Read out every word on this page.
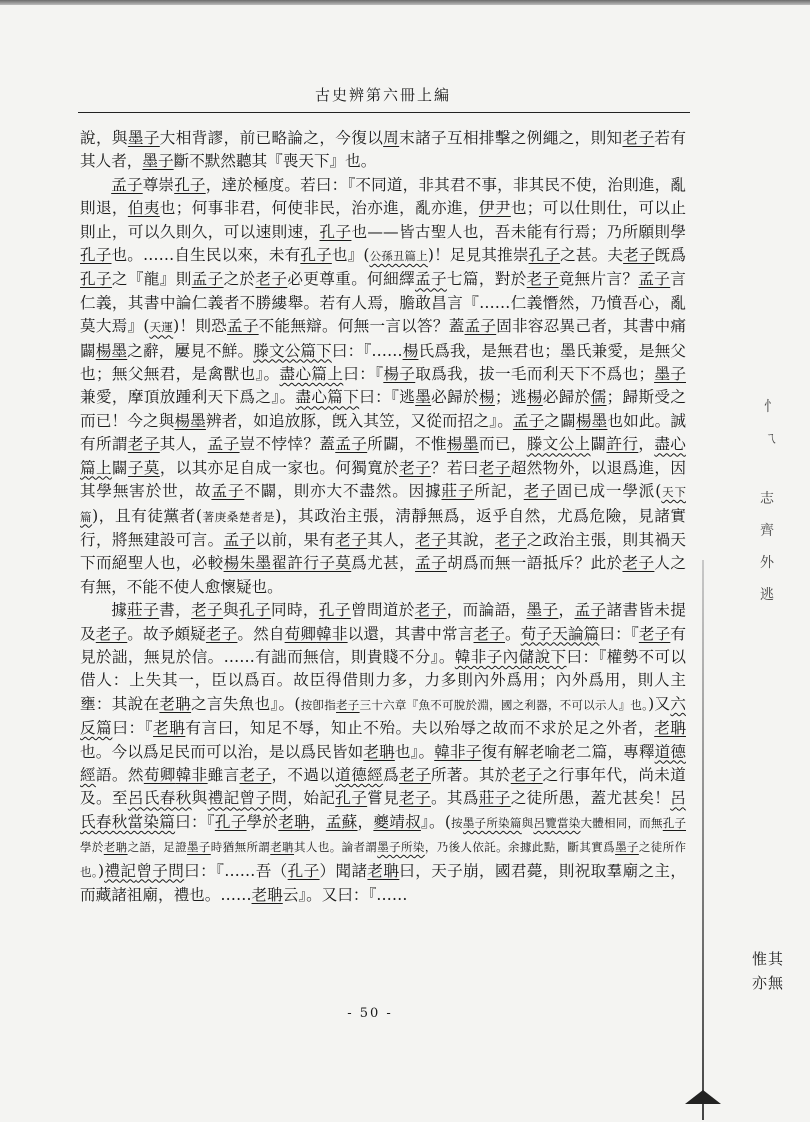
古史辨第六冊上編

說，與墨子大相背謬，前已略論之，今復以周末諸子互相排擊之例繩之，則知老子若有其人者，墨子斷不默然聽其『喪天下』也。

孟子尊崇孔子，達於極度。若曰：『不同道，非其君不事，非其民不使，治則進，亂則退，伯夷也；何事非君，何使非民，治亦進，亂亦進，伊尹也；可以仕則仕，可以止則止，可以久則久，可以速則速，孔子也——皆古聖人也，吾未能有行焉；乃所願則學孔子也。……自生民以來，未有孔子也』(公孫丑篇上)！足見其推崇孔子之甚。夫老子旣爲孔子之『龍』則孟子之於老子必更尊重。何細繹孟子七篇，對於老子竟無片言？孟子言仁義，其書中論仁義者不勝縷舉。若有人焉，膽敢昌言『……仁義憯然，乃憤吾心，亂莫大焉』(天運)！則恐孟子不能無辯。何無一言以答？蓋孟子固非容忍異己者，其書中痛闢楊墨之辭，屢見不鮮。滕文公篇下曰：『……楊氏爲我，是無君也；墨氏兼愛，是無父也；無父無君，是禽獸也』。盡心篇上曰：『楊子取爲我，拔一毛而利天下不爲也；墨子兼愛，摩頂放踵利天下爲之』。盡心篇下曰：『逃墨必歸於楊；逃楊必歸於儒；歸斯受之而已！今之與楊墨辨者，如追放豚，旣入其笠，又從而招之』。孟子之闢楊墨也如此。誠有所謂老子其人，孟子豈不悖悻？蓋孟子所闢，不惟楊墨而已，滕文公上闢許行，盡心篇上闢子莫，以其亦足自成一家也。何獨寬於老子？若曰老子超然物外，以退爲進，因其學無害於世，故孟子不闢，則亦大不盡然。因據莊子所記，老子固已成一學派(天下篇)，且有徒黨者(著庚桑楚者是)，其政治主張，淸靜無爲，返乎自然，尤爲危險，見諸實行，將無建設可言。孟子以前，果有老子其人，老子其說，老子之政治主張，則其禍天下而絕聖人也，必較楊朱墨翟許行子莫爲尤甚，孟子胡爲而無一語抵斥？此於老子人之有無，不能不使人愈懷疑也。

據莊子書，老子與孔子同時，孔子曾問道於老子，而論語，墨子，孟子諸書皆未提及老子。故予頗疑老子。然自荀卿韓非以還，其書中常言老子。荀子天論篇曰：『老子有見於詘，無見於信。……有詘而無信，則貴賤不分』。韓非子內儲說下曰：『權勢不可以借人：上失其一，臣以爲百。故臣得借則力多，力多則內外爲用；內外爲用，則人主壅：其說在老聃之言失魚也』。(按卽指老子三十六章『魚不可脫於淵，國之利器，不可以示人』也。)又六反篇曰：『老聃有言曰，知足不辱，知止不殆。夫以殆辱之故而不求於足之外者，老聃也。今以爲足民而可以治，是以爲民皆如老聃也』。韓非子復有解老喻老二篇，專釋道德經語。然荀卿韓非雖言老子，不過以道德經爲老子所著。其於老子之行事年代，尚未道及。至呂氏春秋與禮記曾子問，始記孔子嘗見老子。其爲莊子之徒所愚，蓋尤甚矣！呂氏春秋當染篇曰：『孔子學於老聃，孟蘇，夔靖叔』。(按墨子所染篇與呂覽當染大體相同，而無孔子學於老聃之語，足證墨子時猶無所謂老聃其人也。論者謂墨子所染，乃後人依託。余據此點，斷其實爲墨子之徒所作也。)禮記曾子問曰：『……吾（孔子）聞諸老聃曰，天子崩，國君薨，則祝取羣廟之主，而藏諸祖廟，禮也。……老聃云』。又曰：『……

- 50 -
忄
ㄟ
志
齊
外
逃
惟其
亦無
